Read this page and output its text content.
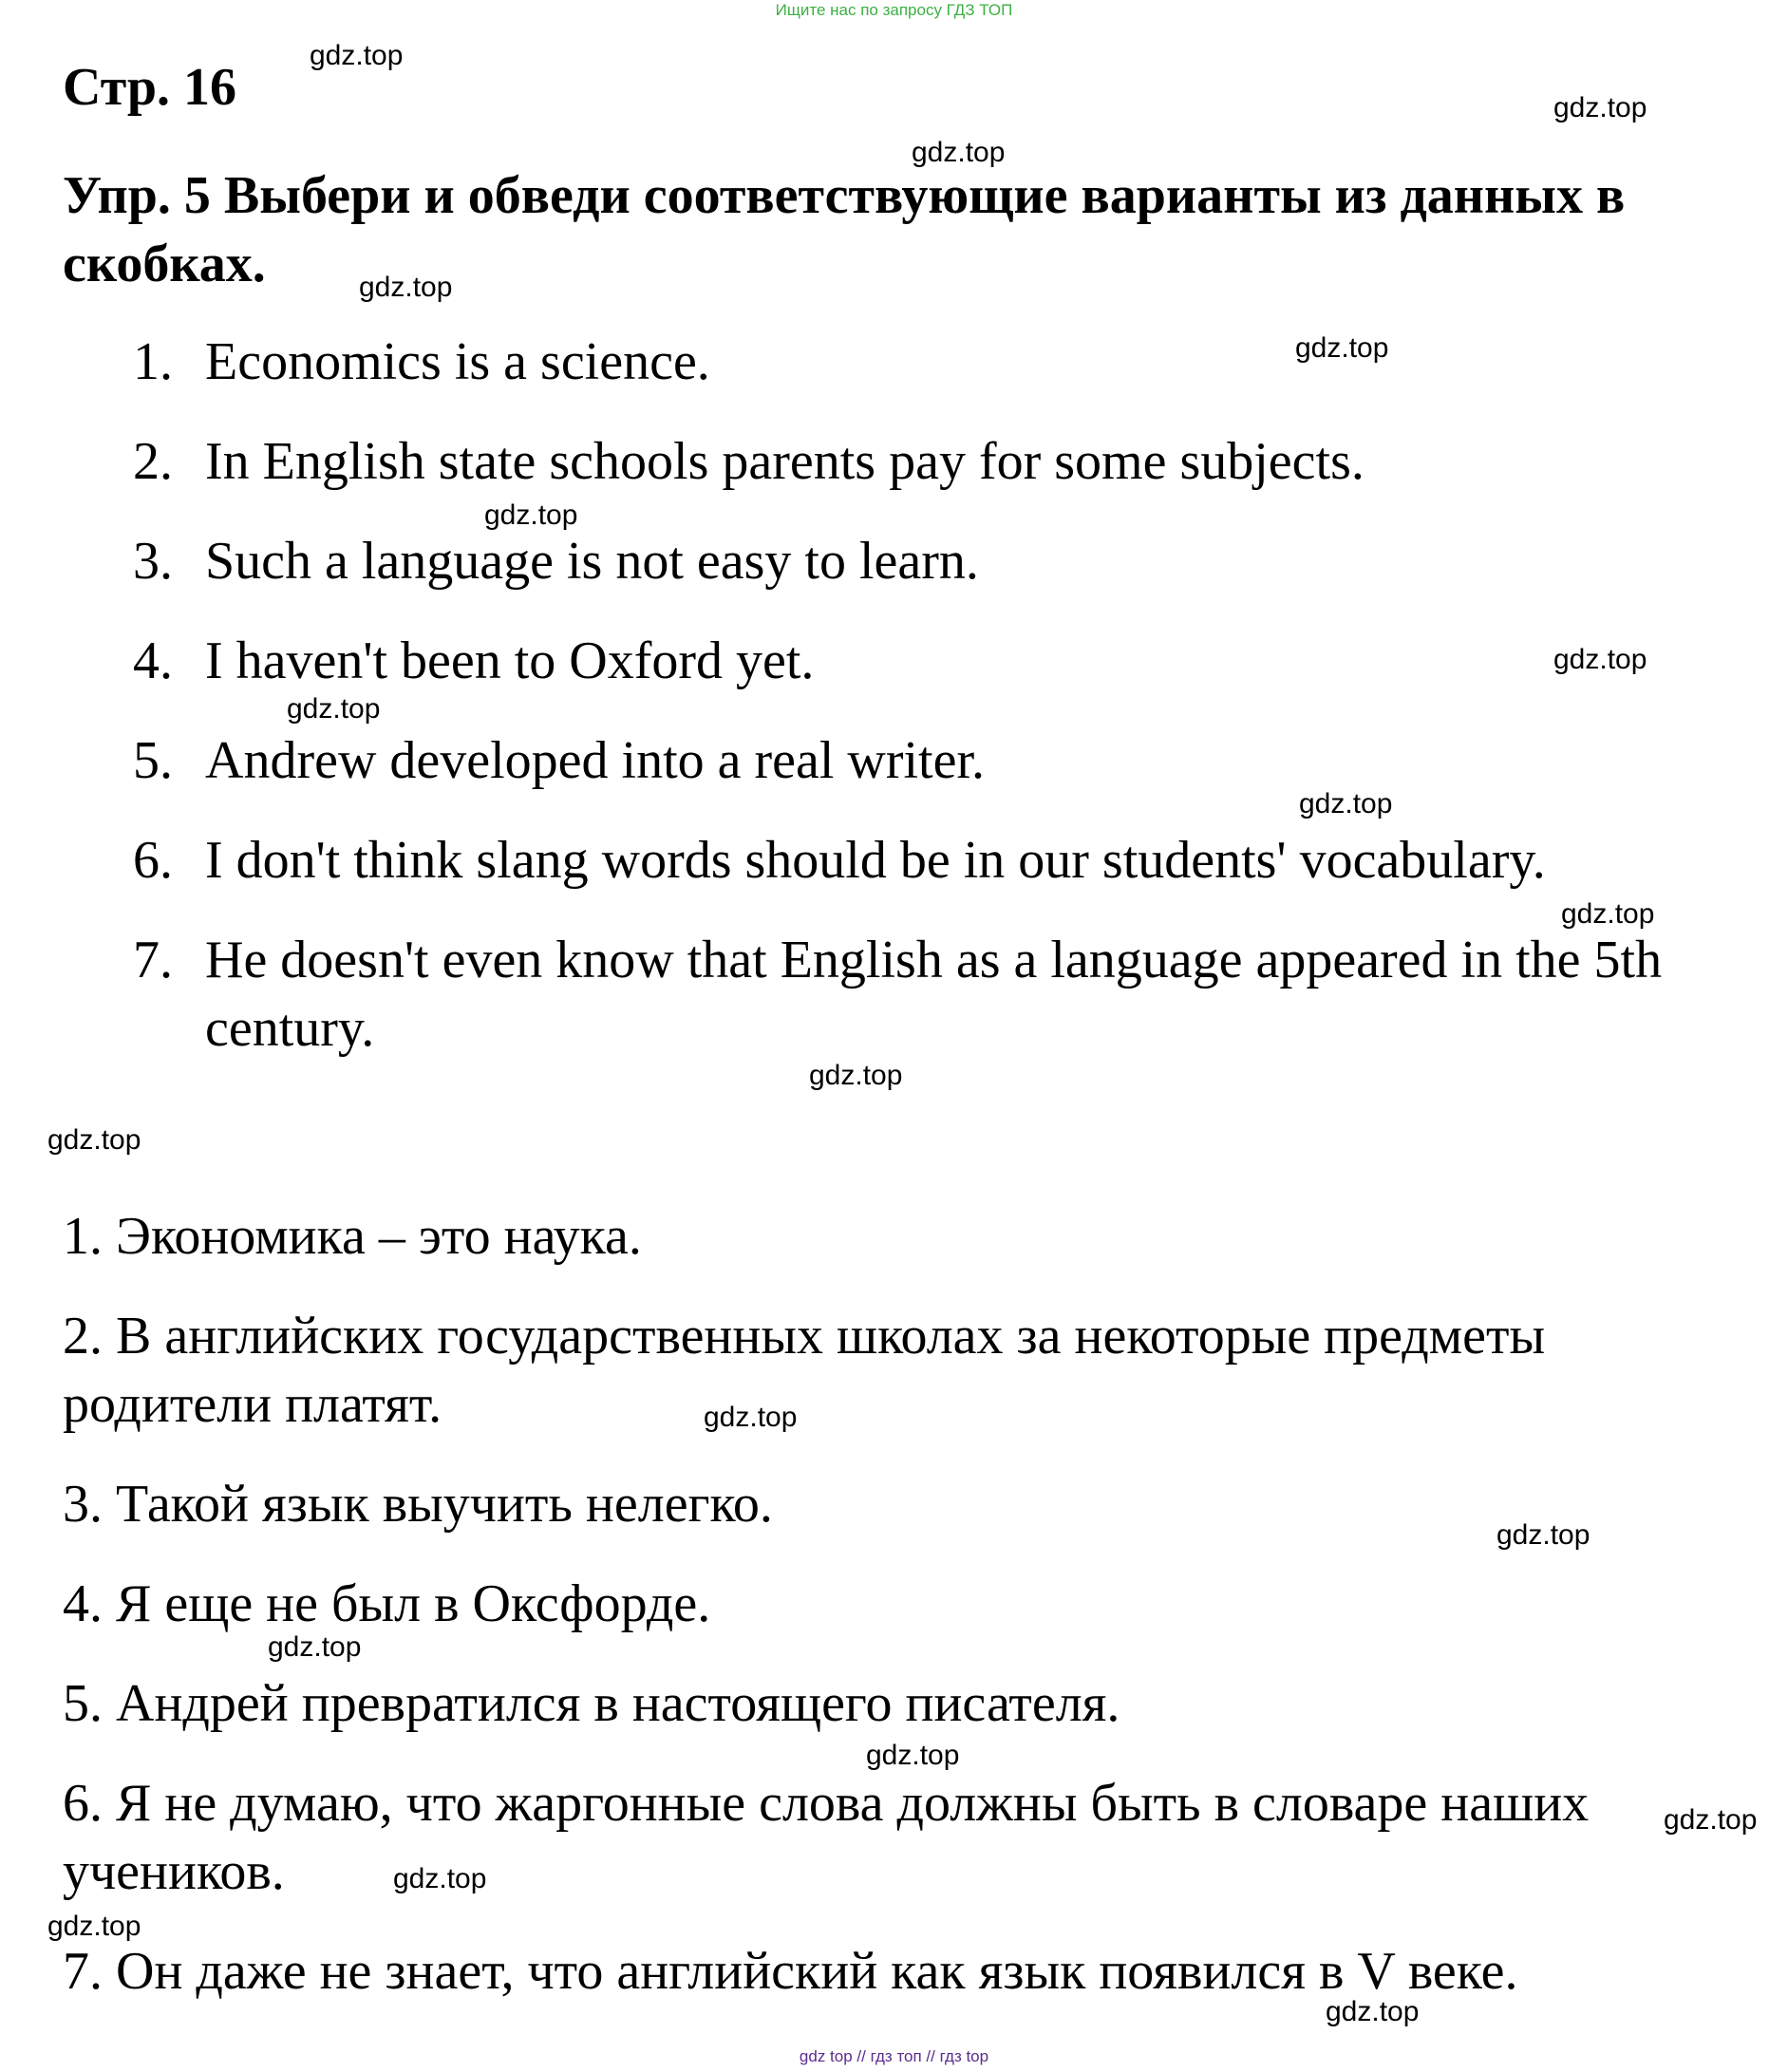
Ищите нас по запросу ГДЗ ТОП
Стр. 16
Упр. 5 Выбери и обведи соответствующие варианты из данных в скобках.
1. Economics is a science.
2. In English state schools parents pay for some subjects.
3. Such a language is not easy to learn.
4. I haven't been to Oxford yet.
5. Andrew developed into a real writer.
6. I don't think slang words should be in our students' vocabulary.
7. He doesn't even know that English as a language appeared in the 5th century.
1. Экономика – это наука.
2. В английских государственных школах за некоторые предметы родители платят.
3. Такой язык выучить нелегко.
4. Я еще не был в Оксфорде.
5. Андрей превратился в настоящего писателя.
6. Я не думаю, что жаргонные слова должны быть в словаре наших учеников.
7. Он даже не знает, что английский как язык появился в V веке.
gdz.top
gdz.top
gdz.top
gdz.top
gdz.top
gdz.top
gdz.top
gdz.top
gdz.top
gdz.top
gdz.top
gdz.top
gdz.top
gdz.top
gdz.top
gdz.top
gdz.top
gdz.top
gdz.top
gdz.top
gdz top // гдз топ // гдз top
